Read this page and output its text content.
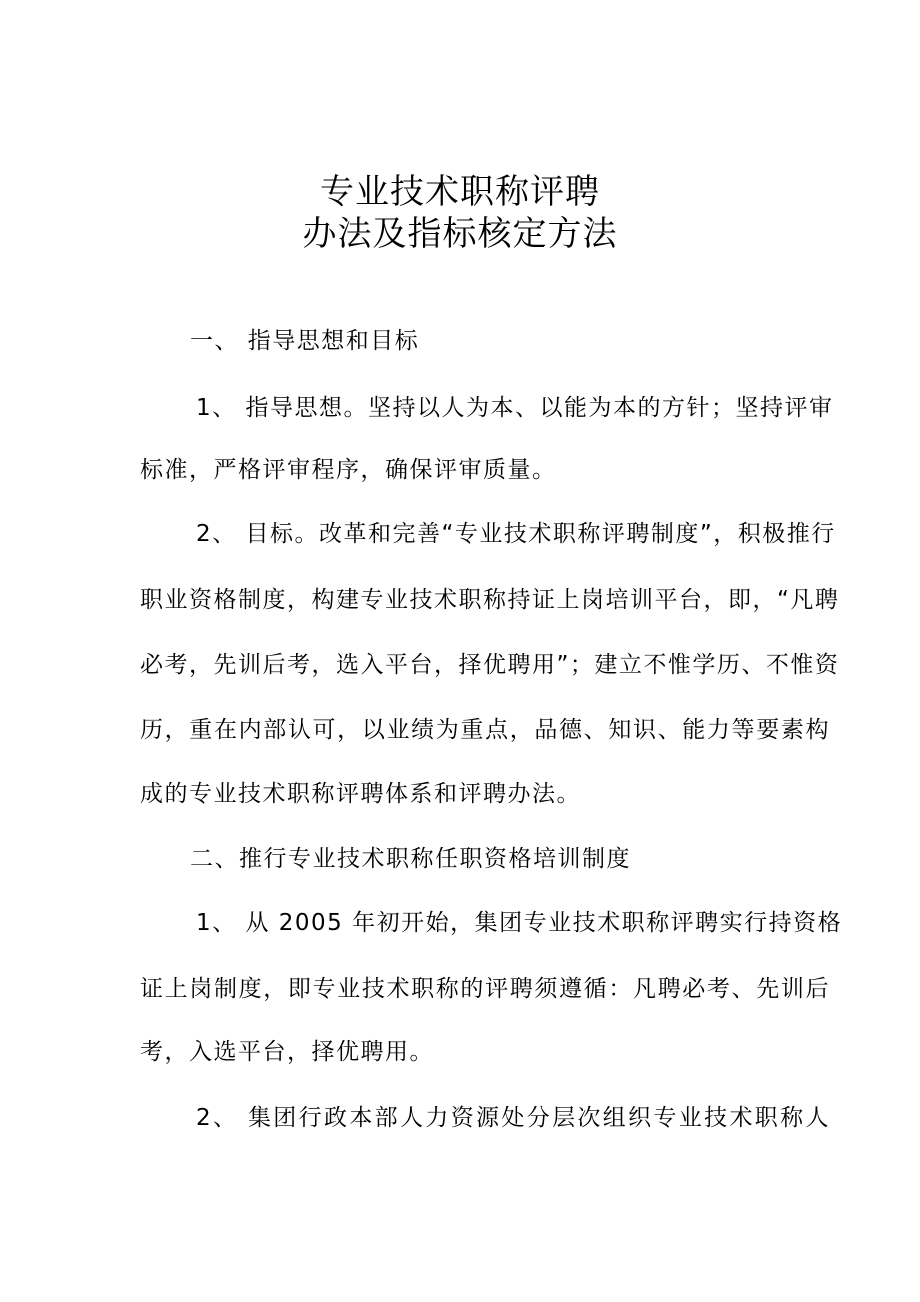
专业技术职称评聘
办法及指标核定方法
一、 指导思想和目标
1、 指导思想。坚持以人为本、以能为本的方针；坚持评审
标准，严格评审程序，确保评审质量。
2、 目标。改革和完善“专业技术职称评聘制度”，积极推行
职业资格制度，构建专业技术职称持证上岗培训平台，即，“凡聘
必考，先训后考，选入平台，择优聘用”；建立不惟学历、不惟资
历，重在内部认可，以业绩为重点，品德、知识、能力等要素构
成的专业技术职称评聘体系和评聘办法。
二、推行专业技术职称任职资格培训制度
1、 从 2005 年初开始，集团专业技术职称评聘实行持资格
证上岗制度，即专业技术职称的评聘须遵循：凡聘必考、先训后
考，入选平台，择优聘用。
2、 集团行政本部人力资源处分层次组织专业技术职称人
